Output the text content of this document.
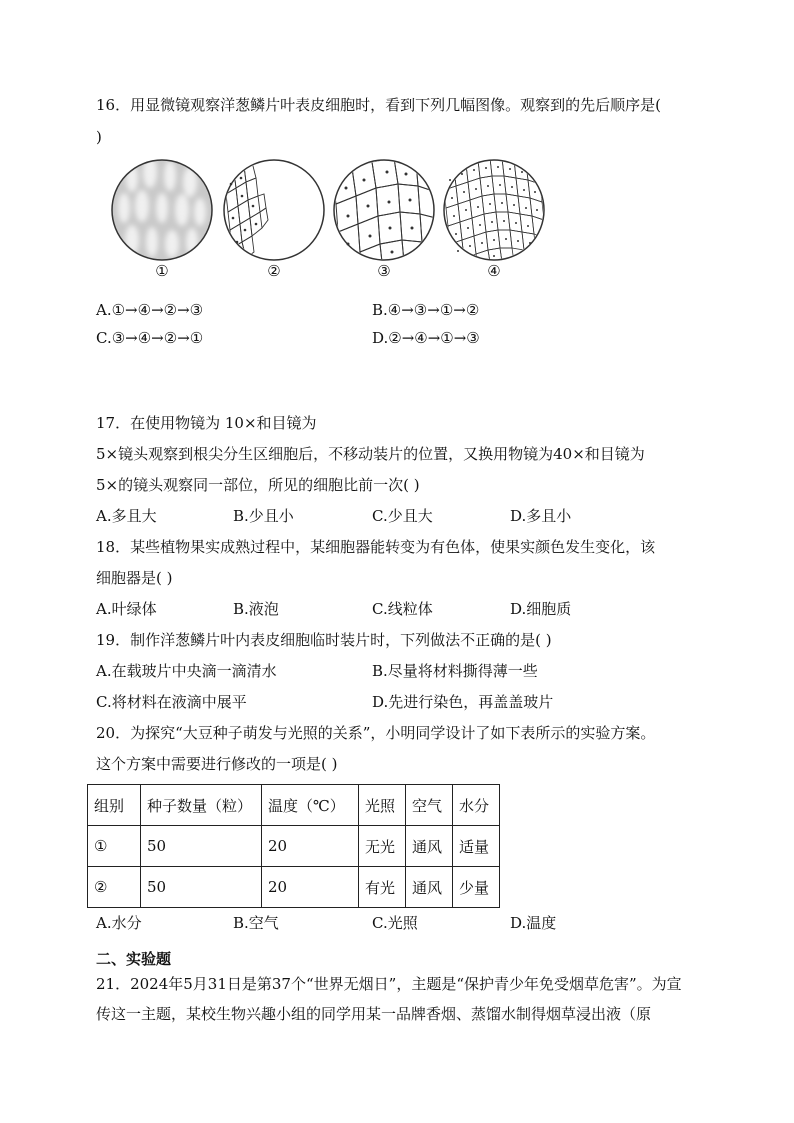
16．用显微镜观察洋葱鳞片叶表皮细胞时，看到下列几幅图像。观察到的先后顺序是(
)
①	②	③	④
A.①→④→②→③	B.④→③→①→②
C.③→④→②→①	D.②→④→①→③
17．在使用物镜为 10×和目镜为
5×镜头观察到根尖分生区细胞后，不移动装片的位置，又换用物镜为40×和目镜为
5×的镜头观察同一部位，所见的细胞比前一次( )
A.多且大	B.少且小	C.少且大	D.多且小
18．某些植物果实成熟过程中，某细胞器能转变为有色体，使果实颜色发生变化，该
细胞器是( )
A.叶绿体	B.液泡	C.线粒体	D.细胞质
19．制作洋葱鳞片叶内表皮细胞临时装片时，下列做法不正确的是( )
A.在载玻片中央滴一滴清水	B.尽量将材料撕得薄一些
C.将材料在液滴中展平	D.先进行染色，再盖盖玻片
20．为探究“大豆种子萌发与光照的关系”，小明同学设计了如下表所示的实验方案。
这个方案中需要进行修改的一项是( )
组别	种子数量（粒）	温度（℃）	光照	空气	水分
①	50	20	无光	通风	适量
②	50	20	有光	通风	少量
A.水分	B.空气	C.光照	D.温度
二、实验题
21．2024年5月31日是第37个“世界无烟日”，主题是“保护青少年免受烟草危害”。为宣
传这一主题，某校生物兴趣小组的同学用某一品牌香烟、蒸馏水制得烟草浸出液（原
